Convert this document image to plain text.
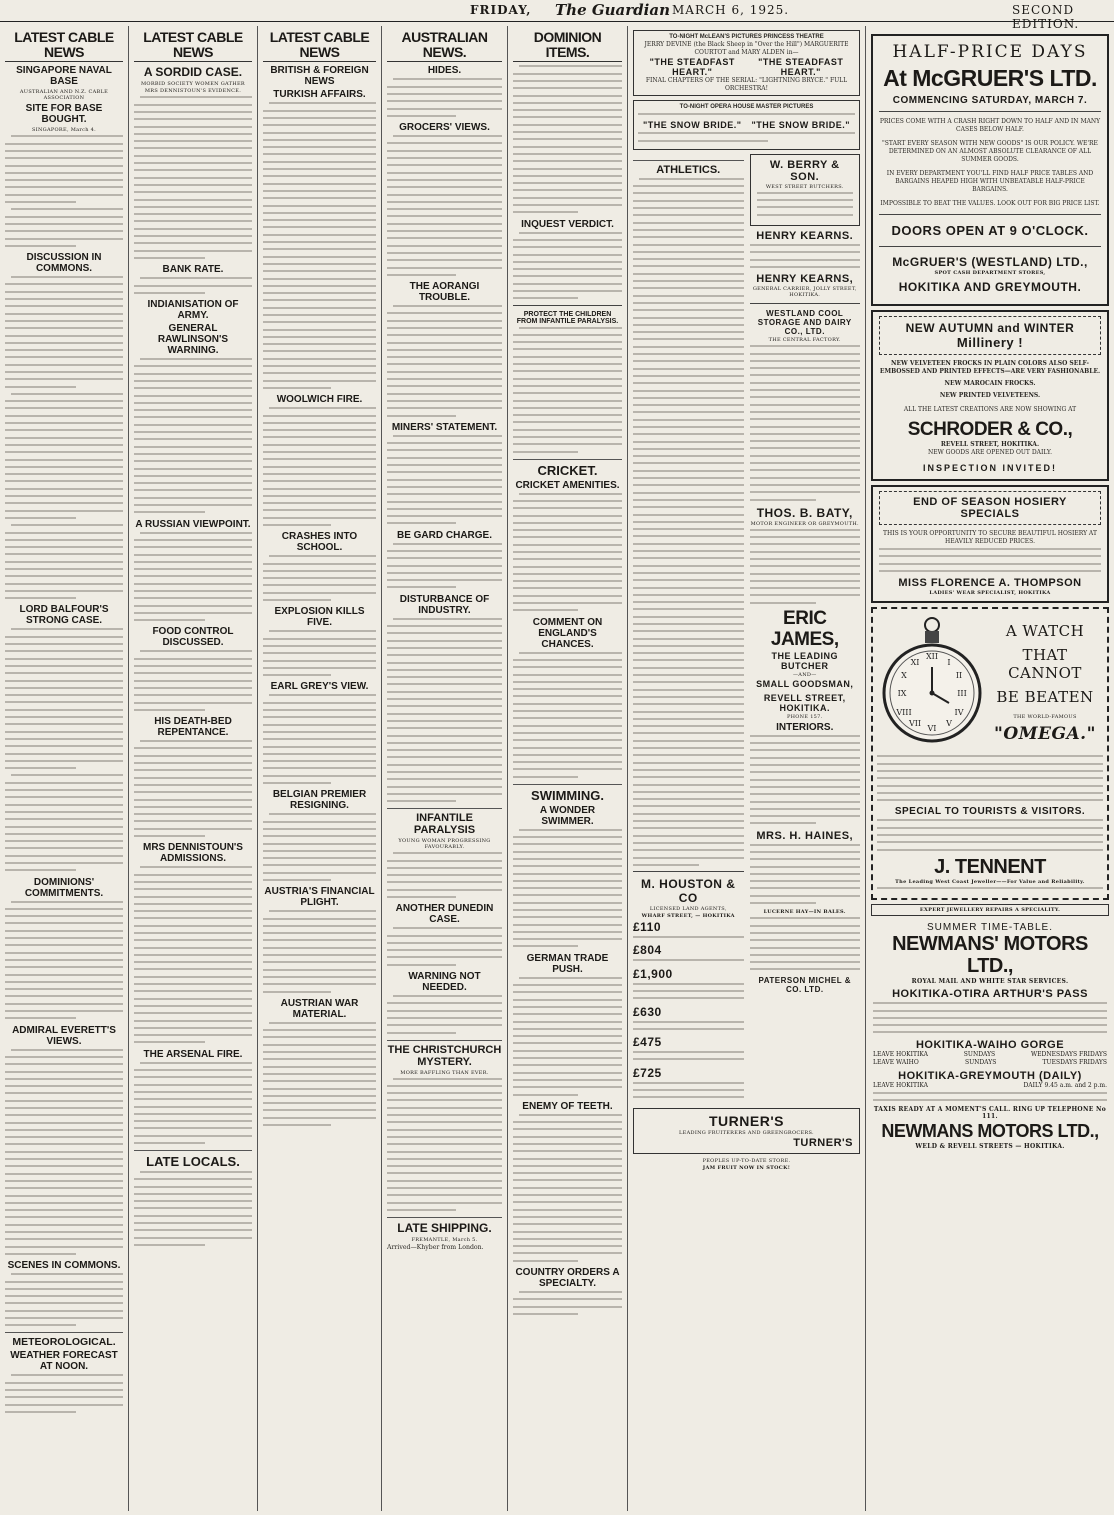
FRIDAY, The Guardian MARCH 6, 1925.	SECOND EDITION.
LATEST CABLE NEWS
SINGAPORE NAVAL BASE
AUSTRALIAN AND N.Z. CABLE ASSOCIATION
SITE FOR BASE BOUGHT.
SINGAPORE, March 4.
DISCUSSION IN COMMONS.
LORD BALFOUR'S STRONG CASE.
DOMINIONS' COMMITMENTS.
ADMIRAL EVERETT'S VIEWS.
SCENES IN COMMONS.
METEOROLOGICAL.
WEATHER FORECAST AT NOON.
LATEST CABLE NEWS
A SORDID CASE.
MORBID SOCIETY WOMEN GATHER
MRS DENNISTOUN'S EVIDENCE.
BANK RATE.
INDIANISATION OF ARMY.
GENERAL RAWLINSON'S WARNING.
A RUSSIAN VIEWPOINT.
FOOD CONTROL DISCUSSED.
HIS DEATH-BED REPENTANCE.
MRS DENNISTOUN'S ADMISSIONS.
THE ARSENAL FIRE.
LATE LOCALS.
LATEST CABLE NEWS
BRITISH & FOREIGN NEWS
TURKISH AFFAIRS.
WOOLWICH FIRE.
CRASHES INTO SCHOOL.
EXPLOSION KILLS FIVE.
EARL GREY'S VIEW.
BELGIAN PREMIER RESIGNING.
AUSTRIA'S FINANCIAL PLIGHT.
AUSTRIAN WAR MATERIAL.
AUSTRALIAN NEWS.
HIDES.
GROCERS' VIEWS.
THE AORANGI TROUBLE.
MINERS' STATEMENT.
BE GARD CHARGE.
DISTURBANCE OF INDUSTRY.
INFANTILE PARALYSIS
YOUNG WOMAN PROGRESSING FAVOURABLY.
ANOTHER DUNEDIN CASE.
WARNING NOT NEEDED.
THE CHRISTCHURCH MYSTERY.
MORE BAFFLING THAN EVER.
LATE SHIPPING.
FREMANTLE, March 5.
Arrived—Khyber from London.
DOMINION ITEMS.
INQUEST VERDICT.
PROTECT THE CHILDREN FROM INFANTILE PARALYSIS.
CRICKET.
CRICKET AMENITIES.
COMMENT ON ENGLAND'S CHANCES.
SWIMMING.
A WONDER SWIMMER.
GERMAN TRADE PUSH.
ENEMY OF TEETH.
COUNTRY ORDERS A SPECIALTY.
TO-NIGHT McLEAN'S PICTURES PRINCESS THEATRE
JERRY DEVINE (the Black Sheep in "Over the Hill") MARGUERITE
COURTOT and MARY ALDEN in—
"THE STEADFAST HEART."
"THE STEADFAST HEART."
FINAL CHAPTERS OF THE SERIAL: "LIGHTNING BRYCE." FULL ORCHESTRA!
TO-NIGHT OPERA HOUSE MASTER PICTURES
"THE SNOW BRIDE." "THE SNOW BRIDE."
ATHLETICS.
M. HOUSTON & CO
LICENSED LAND AGENTS,
WHARF STREET, — HOKITIKA
£110
£804
£1,900
£630
£475
£725
W. BERRY & SON.
WEST STREET BUTCHERS.
HENRY KEARNS.
HENRY KEARNS,
GENERAL CARRIER, JOLLY STREET, HOKITIKA.
WESTLAND COOL STORAGE AND DAIRY CO., LTD.
THE CENTRAL FACTORY.
THOS. B. BATY,
MOTOR ENGINEER OR GREYMOUTH.
ERIC JAMES,
THE LEADING BUTCHER
—AND—
SMALL GOODSMAN,
REVELL STREET,
HOKITIKA.
PHONE 157.
INTERIORS.
MRS. H. HAINES,
LUCERNE HAY—IN BALES.
PATERSON MICHEL & CO. LTD.
TURNER'S
LEADING FRUITERERS AND GREENGROCERS.
TURNER'S
PEOPLES UP-TO-DATE STORE.
JAM FRUIT NOW IN STOCK!
HALF-PRICE DAYS
At McGRUER'S LTD.
COMMENCING SATURDAY, MARCH 7.
PRICES COME WITH A CRASH RIGHT DOWN TO HALF AND IN MANY CASES BELOW HALF.
"START EVERY SEASON WITH NEW GOODS" IS OUR POLICY. WE'RE DETERMINED ON AN ALMOST ABSOLUTE CLEARANCE OF ALL SUMMER GOODS.
IN EVERY DEPARTMENT YOU'LL FIND HALF PRICE TABLES AND BARGAINS HEAPED HIGH WITH UNBEATABLE HALF-PRICE BARGAINS.
IMPOSSIBLE TO BEAT THE VALUES. LOOK OUT FOR BIG PRICE LIST.
DOORS OPEN AT 9 O'CLOCK.
McGRUER'S (WESTLAND) LTD.,
SPOT CASH DEPARTMENT STORES,
HOKITIKA AND GREYMOUTH.
NEW AUTUMN and WINTER
Millinery !
NEW VELVETEEN FROCKS IN PLAIN COLORS ALSO SELF-EMBOSSED AND PRINTED EFFECTS—ARE VERY FASHIONABLE.
NEW MAROCAIN FROCKS.
NEW PRINTED VELVETEENS.
ALL THE LATEST CREATIONS ARE NOW SHOWING AT
SCHRODER & CO.,
REVELL STREET, HOKITIKA.
NEW GOODS ARE OPENED OUT DAILY.
INSPECTION INVITED!
END OF SEASON HOSIERY SPECIALS
THIS IS YOUR OPPORTUNITY TO SECURE BEAUTIFUL HOSIERY AT HEAVILY REDUCED PRICES.
MISS FLORENCE A. THOMPSON
LADIES' WEAR SPECIALIST, HOKITIKA
XII
III
VI
IX
I
II
IV
V
VII
VIII
X
XI
A WATCH
THAT CANNOT
BE BEATEN
THE WORLD-FAMOUS
"OMEGA."
SPECIAL TO TOURISTS & VISITORS.
J. TENNENT
The Leading West Coast Jeweller——For Value and Reliability.
EXPERT JEWELLERY REPAIRS A SPECIALITY.
SUMMER TIME-TABLE.
NEWMANS' MOTORS LTD.,
ROYAL MAIL AND WHITE STAR SERVICES.
HOKITIKA-OTIRA ARTHUR'S PASS
HOKITIKA-WAIHO GORGE
LEAVE HOKITIKA	SUNDAYS	WEDNESDAYS FRIDAYS
LEAVE WAIHO	SUNDAYS	TUESDAYS FRIDAYS
HOKITIKA-GREYMOUTH (DAILY)
LEAVE HOKITIKA	DAILY 9.45 a.m. and 2 p.m.
TAXIS READY AT A MOMENT'S CALL. RING UP TELEPHONE No 111.
NEWMANS MOTORS LTD.,
WELD & REVELL STREETS — HOKITIKA.
